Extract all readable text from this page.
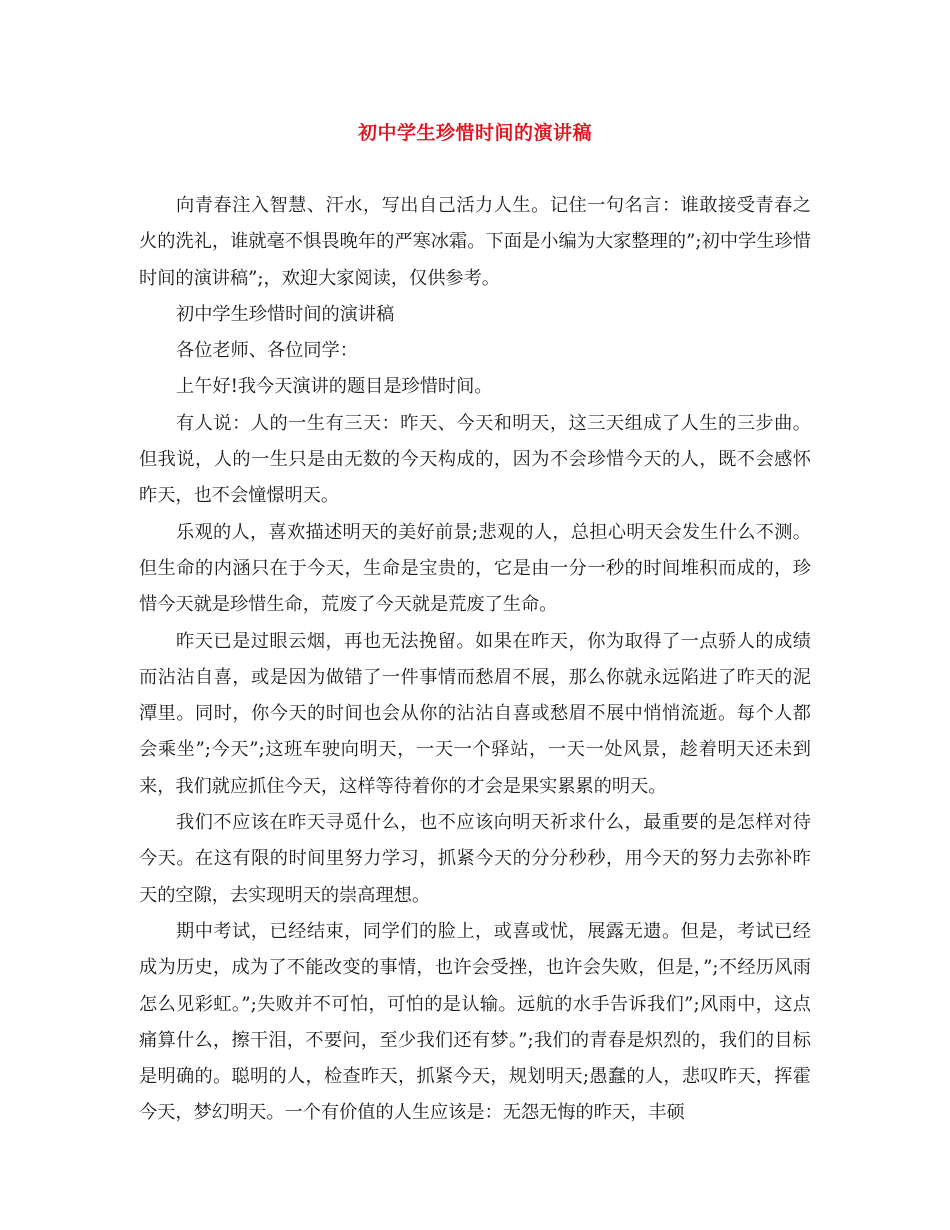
初中学生珍惜时间的演讲稿

向青春注入智慧、汗水，写出自己活力人生。记住一句名言：谁敢接受青春之火的洗礼，谁就毫不惧畏晚年的严寒冰霜。下面是小编为大家整理的”;初中学生珍惜时间的演讲稿”;，欢迎大家阅读，仅供参考。

初中学生珍惜时间的演讲稿

各位老师、各位同学：

上午好!我今天演讲的题目是珍惜时间。

有人说：人的一生有三天：昨天、今天和明天，这三天组成了人生的三步曲。但我说，人的一生只是由无数的今天构成的，因为不会珍惜今天的人，既不会感怀昨天，也不会憧憬明天。

乐观的人，喜欢描述明天的美好前景;悲观的人，总担心明天会发生什么不测。但生命的内涵只在于今天，生命是宝贵的，它是由一分一秒的时间堆积而成的，珍惜今天就是珍惜生命，荒废了今天就是荒废了生命。

昨天已是过眼云烟，再也无法挽留。如果在昨天，你为取得了一点骄人的成绩而沾沾自喜，或是因为做错了一件事情而愁眉不展，那么你就永远陷进了昨天的泥潭里。同时，你今天的时间也会从你的沾沾自喜或愁眉不展中悄悄流逝。每个人都会乘坐”;今天”;这班车驶向明天，一天一个驿站，一天一处风景，趁着明天还未到来，我们就应抓住今天，这样等待着你的才会是果实累累的明天。

我们不应该在昨天寻觅什么，也不应该向明天祈求什么，最重要的是怎样对待今天。在这有限的时间里努力学习，抓紧今天的分分秒秒，用今天的努力去弥补昨天的空隙，去实现明天的崇高理想。

期中考试，已经结束，同学们的脸上，或喜或忧，展露无遗。但是，考试已经成为历史，成为了不能改变的事情，也许会受挫，也许会失败，但是，”;不经历风雨怎么见彩虹。”;失败并不可怕，可怕的是认输。远航的水手告诉我们”;风雨中，这点痛算什么，擦干泪，不要问，至少我们还有梦。”;我们的青春是炽烈的，我们的目标是明确的。聪明的人，检查昨天，抓紧今天，规划明天;愚蠢的人，悲叹昨天，挥霍今天，梦幻明天。一个有价值的人生应该是：无怨无悔的昨天，丰硕
